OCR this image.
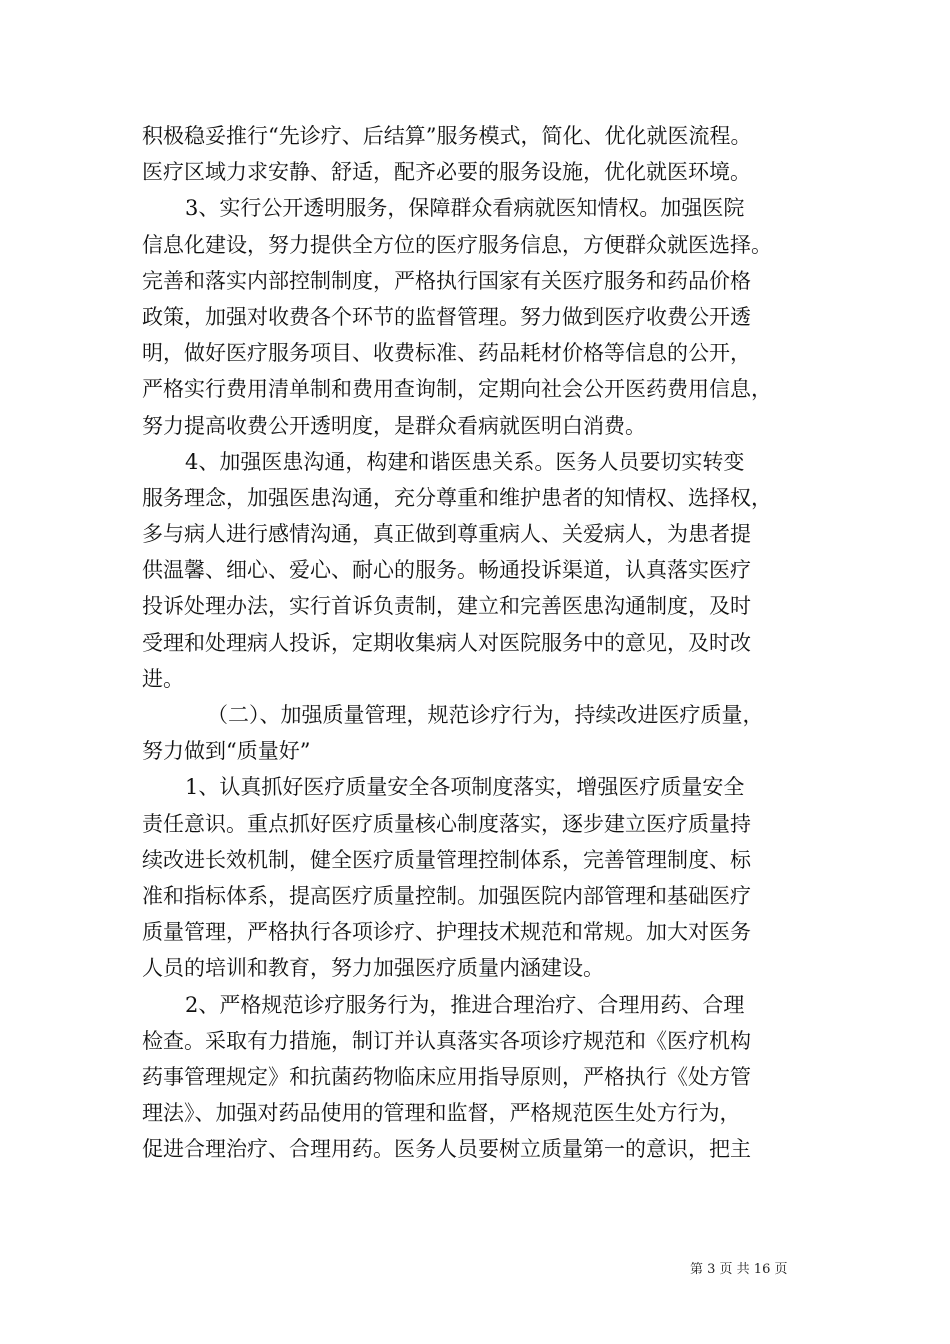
积极稳妥推行“先诊疗、后结算”服务模式，简化、优化就医流程。
医疗区域力求安静、舒适，配齐必要的服务设施，优化就医环境。
3、实行公开透明服务，保障群众看病就医知情权。加强医院
信息化建设，努力提供全方位的医疗服务信息，方便群众就医选择。
完善和落实内部控制制度，严格执行国家有关医疗服务和药品价格
政策，加强对收费各个环节的监督管理。努力做到医疗收费公开透
明，做好医疗服务项目、收费标准、药品耗材价格等信息的公开，
严格实行费用清单制和费用查询制，定期向社会公开医药费用信息，
努力提高收费公开透明度，是群众看病就医明白消费。
4、加强医患沟通，构建和谐医患关系。医务人员要切实转变
服务理念，加强医患沟通，充分尊重和维护患者的知情权、选择权，
多与病人进行感情沟通，真正做到尊重病人、关爱病人，为患者提
供温馨、细心、爱心、耐心的服务。畅通投诉渠道，认真落实医疗
投诉处理办法，实行首诉负责制，建立和完善医患沟通制度，及时
受理和处理病人投诉，定期收集病人对医院服务中的意见，及时改
进。
（二）、加强质量管理，规范诊疗行为，持续改进医疗质量，
努力做到“质量好”
1、认真抓好医疗质量安全各项制度落实，增强医疗质量安全
责任意识。重点抓好医疗质量核心制度落实，逐步建立医疗质量持
续改进长效机制，健全医疗质量管理控制体系，完善管理制度、标
准和指标体系，提高医疗质量控制。加强医院内部管理和基础医疗
质量管理，严格执行各项诊疗、护理技术规范和常规。加大对医务
人员的培训和教育，努力加强医疗质量内涵建设。
2、严格规范诊疗服务行为，推进合理治疗、合理用药、合理
检查。采取有力措施，制订并认真落实各项诊疗规范和《医疗机构
药事管理规定》和抗菌药物临床应用指导原则，严格执行《处方管
理法》、加强对药品使用的管理和监督，严格规范医生处方行为，
促进合理治疗、合理用药。医务人员要树立质量第一的意识，把主
第 3 页 共 16 页
